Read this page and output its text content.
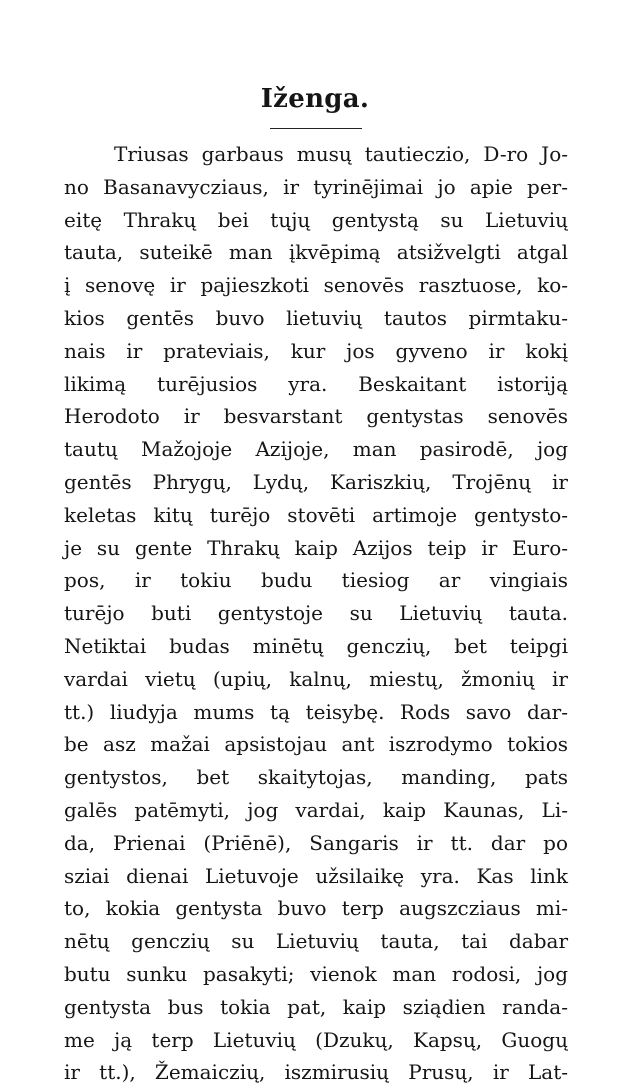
Iženga.
Triusas garbaus musų tautieczio, D-ro Jo-
no Basanavycziaus, ir tyrinējimai jo apie per-
eitę Thrakų bei tųjų gentystą su Lietuvių
tauta, suteikē man įkvēpimą atsižvelgti atgal
į senovę ir pajieszkoti senovēs rasztuose, ko-
kios gentēs buvo lietuvių tautos pirmtaku-
nais ir prateviais, kur jos gyveno ir kokį
likimą turējusios yra. Beskaitant istoriją
Herodoto ir besvarstant gentystas senovēs
tautų Mažojoje Azijoje, man pasirodē, jog
gentēs Phrygų, Lydų, Kariszkių, Trojēnų ir
keletas kitų turējo stovēti artimoje gentysto-
je su gente Thrakų kaip Azijos teip ir Euro-
pos, ir tokiu budu tiesiog ar vingiais
turējo buti gentystoje su Lietuvių tauta.
Netiktai budas minētų genczių, bet teipgi
vardai vietų (upių, kalnų, miestų, žmonių ir
tt.) liudyja mums tą teisybę. Rods savo dar-
be asz mažai apsistojau ant iszrodymo tokios
gentystos, bet skaitytojas, manding, pats
galēs patēmyti, jog vardai, kaip Kaunas, Li-
da, Prienai (Priēnē), Sangaris ir tt. dar po
sziai dienai Lietuvoje užsilaikę yra. Kas link
to, kokia gentysta buvo terp augszcziaus mi-
nētų genczių su Lietuvių tauta, tai dabar
butu sunku pasakyti; vienok man rodosi, jog
gentysta bus tokia pat, kaip sziądien randa-
me ją terp Lietuvių (Dzukų, Kapsų, Guogų
ir tt.), Žemaiczių, iszmirusių Prusų, ir Lat-
